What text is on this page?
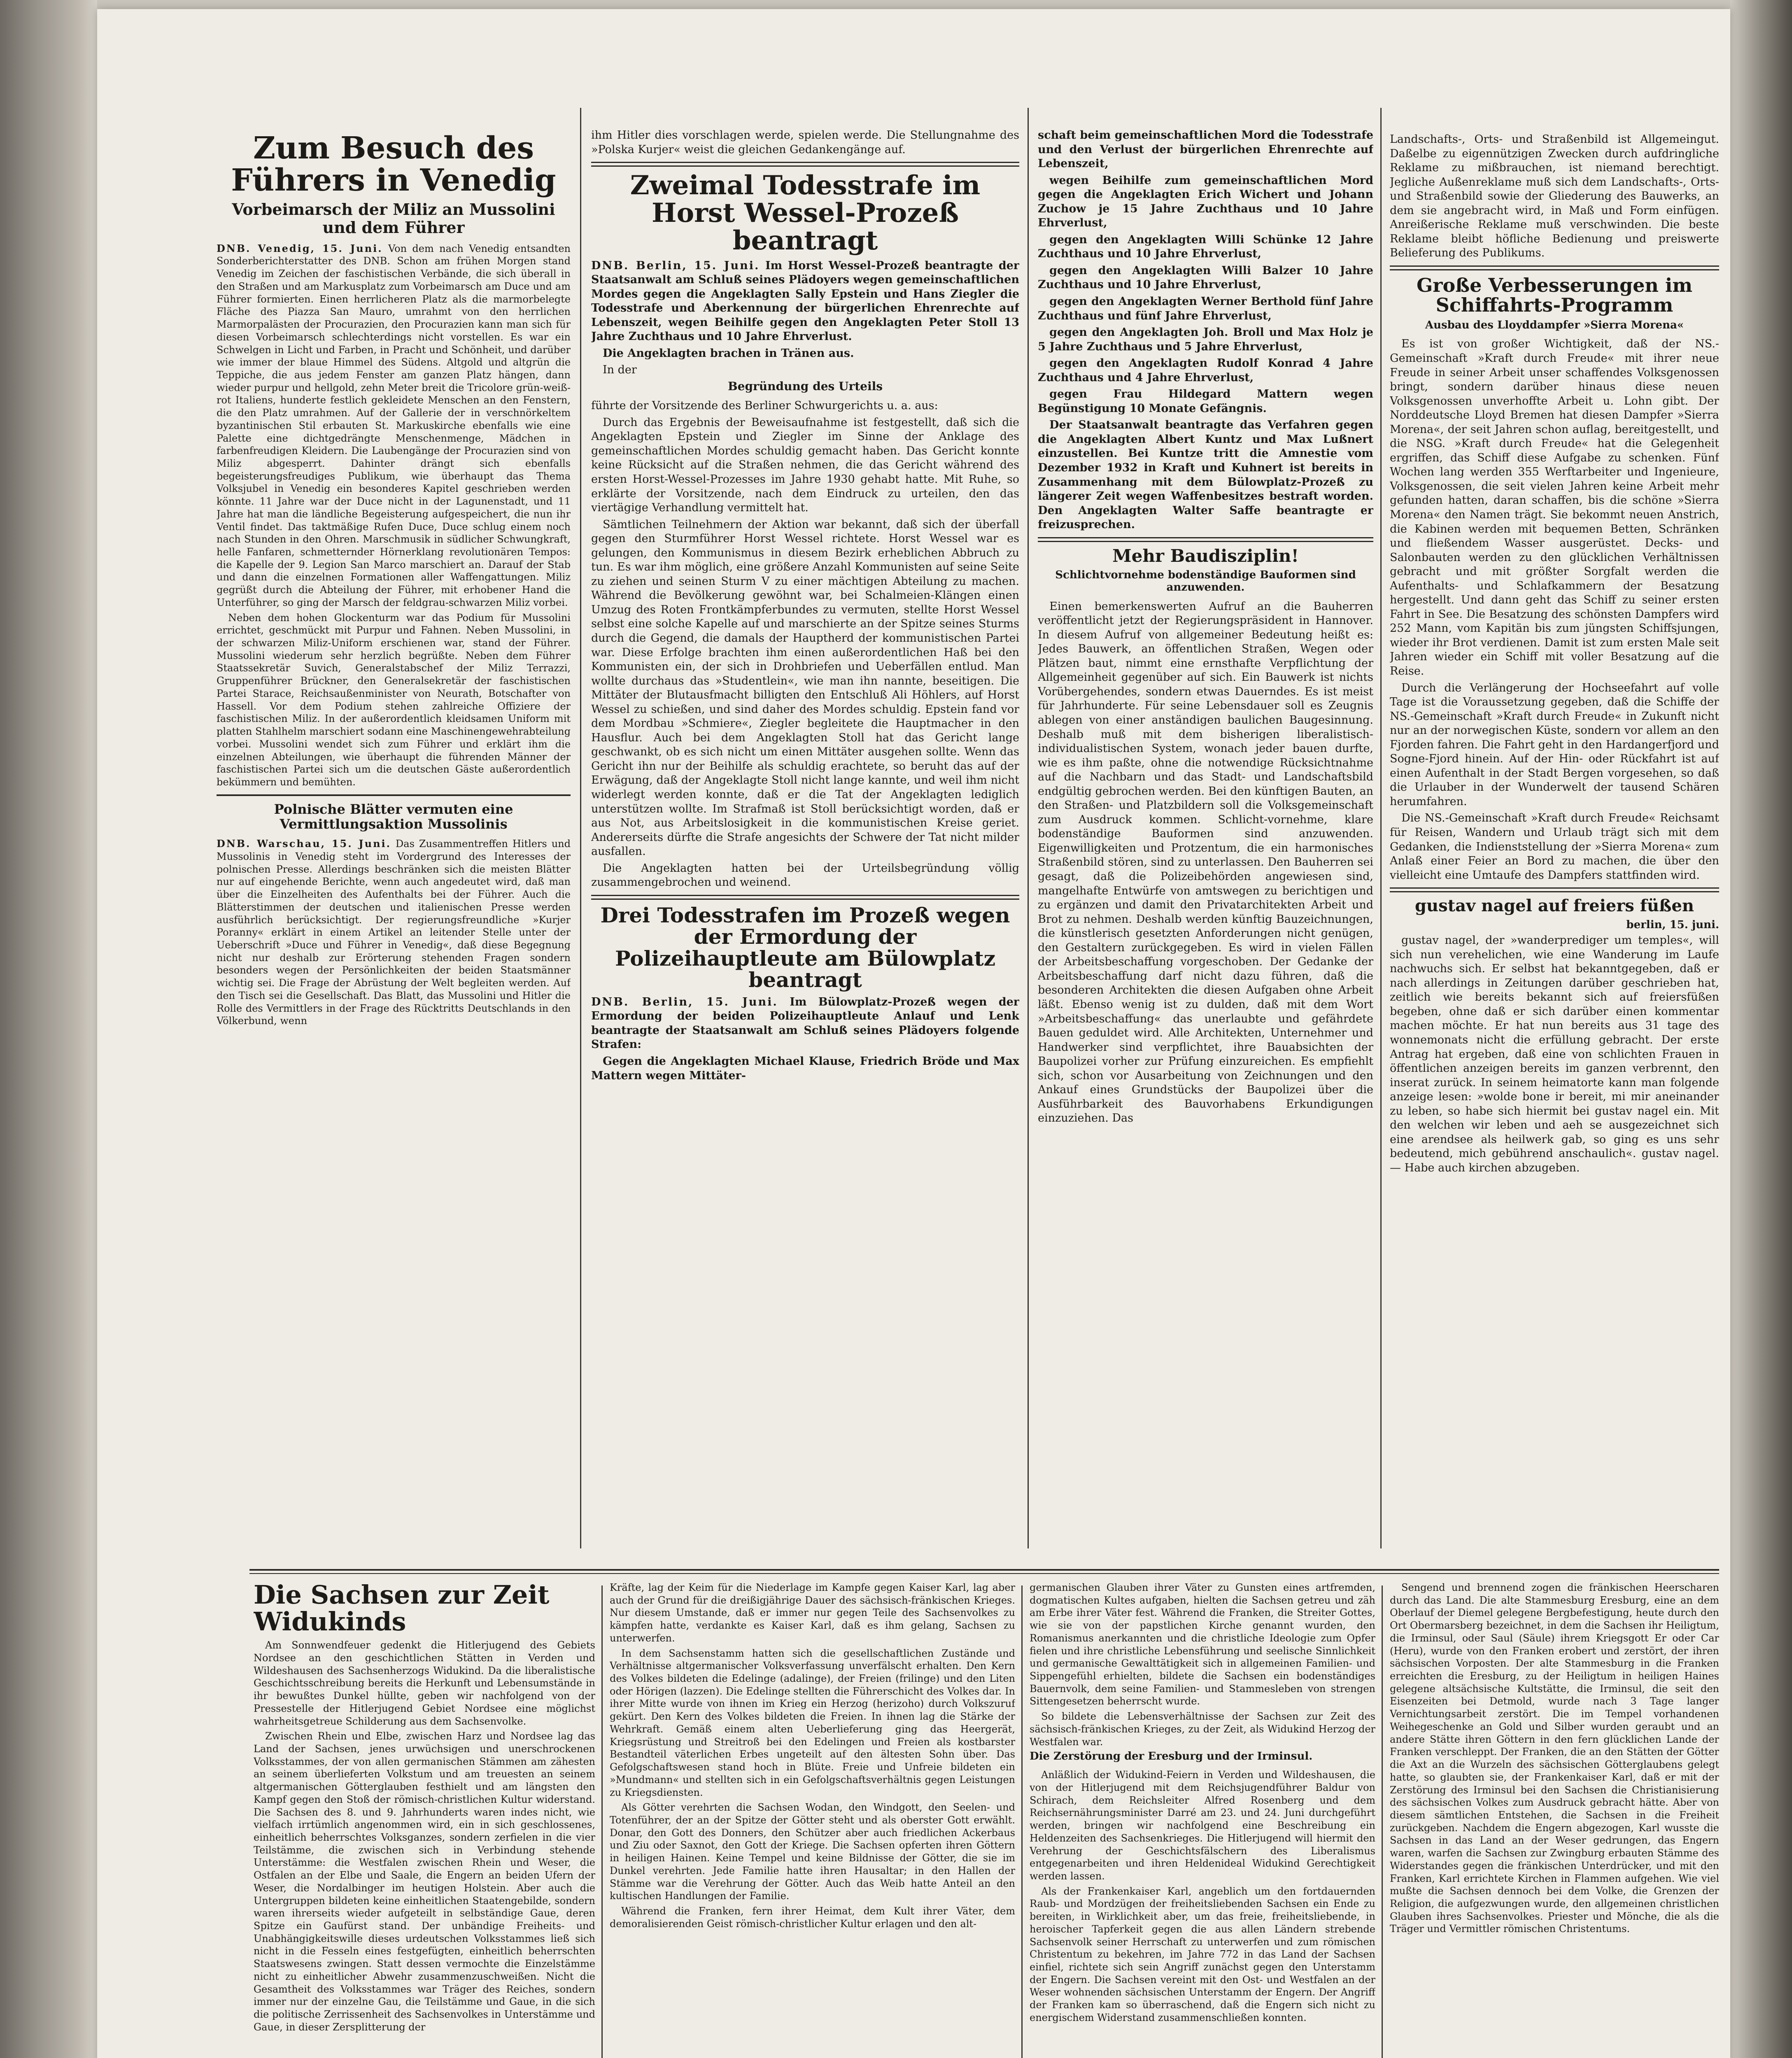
Zum Besuch des Führers in Venedig
Vorbeimarsch der Miliz an Mussolini und dem Führer

DNB. Venedig, 15. Juni. Von dem nach Venedig entsandten Sonderberichterstatter des DNB. Schon am frühen Morgen stand Venedig im Zeichen der faschistischen Verbände, die sich überall in den Straßen und am Markusplatz zum Vorbeimarsch am Duce und am Führer formierten. Einen herrlicheren Platz als die marmorbelegte Fläche des Piazza San Mauro, umrahmt von den herrlichen Marmorpalästen der Procurazien, den Procurazien kann man sich für diesen Vorbeimarsch schlechterdings nicht vorstellen. Es war ein Schwelgen in Licht und Farben, in Pracht und Schönheit, und darüber wie immer der blaue Himmel des Südens. Altgold und altgrün die Teppiche, die aus jedem Fenster am ganzen Platz hängen, dann wieder purpur und hellgold, zehn Meter breit die Tricolore grün-weiß-rot Italiens, hunderte festlich gekleidete Menschen an den Fenstern, die den Platz umrahmen. Auf der Gallerie der in verschnörkeltem byzantinischen Stil erbauten St. Markuskirche ebenfalls wie eine Palette eine dichtgedrängte Menschenmenge, Mädchen in farbenfreudigen Kleidern. Die Laubengänge der Procurazien sind von Miliz abgesperrt. Dahinter drängt sich ebenfalls begeisterungsfreudiges Publikum, wie überhaupt das Thema Volksjubel in Venedig ein besonderes Kapitel geschrieben werden könnte. 11 Jahre war der Duce nicht in der Lagunenstadt, und 11 Jahre hat man die ländliche Begeisterung aufgespeichert, die nun ihr Ventil findet. Das taktmäßige Rufen Duce, Duce schlug einem noch nach Stunden in den Ohren. Marschmusik in südlicher Schwungkraft, helle Fanfaren, schmetternder Hörnerklang revolutionären Tempos: die Kapelle der 9. Legion San Marco marschiert an. Darauf der Stab und dann die einzelnen Formationen aller Waffengattungen. Miliz gegrüßt durch die Abteilung der Führer, mit erhobener Hand die Unterführer, so ging der Marsch der feldgrau-schwarzen Miliz vorbei.

Neben dem hohen Glockenturm war das Podium für Mussolini errichtet, geschmückt mit Purpur und Fahnen. Neben Mussolini, in der schwarzen Miliz-Uniform erschienen war, stand der Führer. Mussolini wiederum sehr herzlich begrüßte. Neben dem Führer Staatssekretär Suvich, Generalstabschef der Miliz Terrazzi, Gruppenführer Brückner, den Generalsekretär der faschistischen Partei Starace, Reichsaußenminister von Neurath, Botschafter von Hassell. Vor dem Podium stehen zahlreiche Offiziere der faschistischen Miliz. In der außerordentlich kleidsamen Uniform mit platten Stahlhelm marschiert sodann eine Maschinengewehrabteilung vorbei. Mussolini wendet sich zum Führer und erklärt ihm die einzelnen Abteilungen, wie überhaupt die führenden Männer der faschistischen Partei sich um die deutschen Gäste außerordentlich bekümmern und bemühten.

Polnische Blätter vermuten eine Vermittlungsaktion Mussolinis

DNB. Warschau, 15. Juni. Das Zusammentreffen Hitlers und Mussolinis in Venedig steht im Vordergrund des Interesses der polnischen Presse. Allerdings beschränken sich die meisten Blätter nur auf eingehende Berichte, wenn auch angedeutet wird, daß man über die Einzelheiten des Aufenthalts bei der Führer. Auch die Blätterstimmen der deutschen und italienischen Presse werden ausführlich berücksichtigt. Der regierungsfreundliche »Kurjer Poranny« erklärt in einem Artikel an leitender Stelle unter der Ueberschrift »Duce und Führer in Venedig«, daß diese Begegnung nicht nur deshalb zur Erörterung stehenden Fragen sondern besonders wegen der Persönlichkeiten der beiden Staatsmänner wichtig sei. Die Frage der Abrüstung der Welt begleiten werden. Auf den Tisch sei die Gesellschaft. Das Blatt, das Mussolini und Hitler die Rolle des Vermittlers in der Frage des Rücktritts Deutschlands in den Völkerbund, wenn

ihm Hitler dies vorschlagen werde, spielen werde. Die Stellungnahme des »Polska Kurjer« weist die gleichen Gedankengänge auf.

Zweimal Todesstrafe im Horst Wessel-Prozeß beantragt

DNB. Berlin, 15. Juni. Im Horst Wessel-Prozeß beantragte der Staatsanwalt am Schluß seines Plädoyers wegen gemeinschaftlichen Mordes gegen die Angeklagten Sally Epstein und Hans Ziegler die Todesstrafe und Aberkennung der bürgerlichen Ehrenrechte auf Lebenszeit, wegen Beihilfe gegen den Angeklagten Peter Stoll 13 Jahre Zuchthaus und 10 Jahre Ehrverlust.

Die Angeklagten brachen in Tränen aus.

In der

Begründung des Urteils

führte der Vorsitzende des Berliner Schwurgerichts u. a. aus:

Durch das Ergebnis der Beweisaufnahme ist festgestellt, daß sich die Angeklagten Epstein und Ziegler im Sinne der Anklage des gemeinschaftlichen Mordes schuldig gemacht haben. Das Gericht konnte keine Rücksicht auf die Straßen nehmen, die das Gericht während des ersten Horst-Wessel-Prozesses im Jahre 1930 gehabt hatte. Mit Ruhe, so erklärte der Vorsitzende, nach dem Eindruck zu urteilen, den das viertägige Verhandlung vermittelt hat.

Sämtlichen Teilnehmern der Aktion war bekannt, daß sich der überfall gegen den Sturmführer Horst Wessel richtete. Horst Wessel war es gelungen, den Kommunismus in diesem Bezirk erheblichen Abbruch zu tun. Es war ihm möglich, eine größere Anzahl Kommunisten auf seine Seite zu ziehen und seinen Sturm V zu einer mächtigen Abteilung zu machen. Während die Bevölkerung gewöhnt war, bei Schalmeien-Klängen einen Umzug des Roten Frontkämpferbundes zu vermuten, stellte Horst Wessel selbst eine solche Kapelle auf und marschierte an der Spitze seines Sturms durch die Gegend, die damals der Hauptherd der kommunistischen Partei war. Diese Erfolge brachten ihm einen außerordentlichen Haß bei den Kommunisten ein, der sich in Drohbriefen und Ueberfällen entlud. Man wollte durchaus das »Studentlein«, wie man ihn nannte, beseitigen. Die Mittäter der Blutausfmacht billigten den Entschluß Ali Höhlers, auf Horst Wessel zu schießen, und sind daher des Mordes schuldig. Epstein fand vor dem Mordbau »Schmiere«, Ziegler begleitete die Hauptmacher in den Hausflur. Auch bei dem Angeklagten Stoll hat das Gericht lange geschwankt, ob es sich nicht um einen Mittäter ausgehen sollte. Wenn das Gericht ihn nur der Beihilfe als schuldig erachtete, so beruht das auf der Erwägung, daß der Angeklagte Stoll nicht lange kannte, und weil ihm nicht widerlegt werden konnte, daß er die Tat der Angeklagten lediglich unterstützen wollte. Im Strafmaß ist Stoll berücksichtigt worden, daß er aus Not, aus Arbeitslosigkeit in die kommunistischen Kreise geriet. Andererseits dürfte die Strafe angesichts der Schwere der Tat nicht milder ausfallen.

Die Angeklagten hatten bei der Urteilsbegründung völlig zusammengebrochen und weinend.

Drei Todesstrafen im Prozeß wegen der Ermordung der Polizeihauptleute am Bülowplatz beantragt

DNB. Berlin, 15. Juni. Im Bülowplatz-Prozeß wegen der Ermordung der beiden Polizeihauptleute Anlauf und Lenk beantragte der Staatsanwalt am Schluß seines Plädoyers folgende Strafen:

Gegen die Angeklagten Michael Klause, Friedrich Bröde und Max Mattern wegen Mittäter-

schaft beim gemeinschaftlichen Mord die Todesstrafe und den Verlust der bürgerlichen Ehrenrechte auf Lebenszeit,

wegen Beihilfe zum gemeinschaftlichen Mord gegen die Angeklagten Erich Wichert und Johann Zuchow je 15 Jahre Zuchthaus und 10 Jahre Ehrverlust,

gegen den Angeklagten Willi Schünke 12 Jahre Zuchthaus und 10 Jahre Ehrverlust,

gegen den Angeklagten Willi Balzer 10 Jahre Zuchthaus und 10 Jahre Ehrverlust,

gegen den Angeklagten Werner Berthold fünf Jahre Zuchthaus und fünf Jahre Ehrverlust,

gegen den Angeklagten Joh. Broll und Max Holz je 5 Jahre Zuchthaus und 5 Jahre Ehrverlust,

gegen den Angeklagten Rudolf Konrad 4 Jahre Zuchthaus und 4 Jahre Ehrverlust,

gegen Frau Hildegard Mattern wegen Begünstigung 10 Monate Gefängnis.

Der Staatsanwalt beantragte das Verfahren gegen die Angeklagten Albert Kuntz und Max Lußnert einzustellen. Bei Kuntze tritt die Amnestie vom Dezember 1932 in Kraft und Kuhnert ist bereits in Zusammenhang mit dem Bülowplatz-Prozeß zu längerer Zeit wegen Waffenbesitzes bestraft worden. Den Angeklagten Walter Saffe beantragte er freizusprechen.

Mehr Baudisziplin!
Schlichtvornehme bodenständige Bauformen sind anzuwenden.

Einen bemerkenswerten Aufruf an die Bauherren veröffentlicht jetzt der Regierungspräsident in Hannover. In diesem Aufruf von allgemeiner Bedeutung heißt es: Jedes Bauwerk, an öffentlichen Straßen, Wegen oder Plätzen baut, nimmt eine ernsthafte Verpflichtung der Allgemeinheit gegenüber auf sich. Ein Bauwerk ist nichts Vorübergehendes, sondern etwas Dauerndes. Es ist meist für Jahrhunderte. Für seine Lebensdauer soll es Zeugnis ablegen von einer anständigen baulichen Baugesinnung. Deshalb muß mit dem bisherigen liberalistisch-individualistischen System, wonach jeder bauen durfte, wie es ihm paßte, ohne die notwendige Rücksichtnahme auf die Nachbarn und das Stadt- und Landschaftsbild endgültig gebrochen werden. Bei den künftigen Bauten, an den Straßen- und Platzbildern soll die Volksgemeinschaft zum Ausdruck kommen. Schlicht-vornehme, klare bodenständige Bauformen sind anzuwenden. Eigenwilligkeiten und Protzentum, die ein harmonisches Straßenbild stören, sind zu unterlassen. Den Bauherren sei gesagt, daß die Polizeibehörden angewiesen sind, mangelhafte Entwürfe von amtswegen zu berichtigen und zu ergänzen und damit den Privatarchitekten Arbeit und Brot zu nehmen. Deshalb werden künftig Bauzeichnungen, die künstlerisch gesetzten Anforderungen nicht genügen, den Gestaltern zurückgegeben. Es wird in vielen Fällen der Arbeitsbeschaffung vorgeschoben. Der Gedanke der Arbeitsbeschaffung darf nicht dazu führen, daß die besonderen Architekten die diesen Aufgaben ohne Arbeit läßt. Ebenso wenig ist zu dulden, daß mit dem Wort »Arbeitsbeschaffung« das unerlaubte und gefährdete Bauen geduldet wird. Alle Architekten, Unternehmer und Handwerker sind verpflichtet, ihre Bauabsichten der Baupolizei vorher zur Prüfung einzureichen. Es empfiehlt sich, schon vor Ausarbeitung von Zeichnungen und den Ankauf eines Grundstücks der Baupolizei über die Ausführbarkeit des Bauvorhabens Erkundigungen einzuziehen. Das

Landschafts-, Orts- und Straßenbild ist Allgemeingut. Daßelbe zu eigennützigen Zwecken durch aufdringliche Reklame zu mißbrauchen, ist niemand berechtigt. Jegliche Außenreklame muß sich dem Landschafts-, Orts- und Straßenbild sowie der Gliederung des Bauwerks, an dem sie angebracht wird, in Maß und Form einfügen. Anreißerische Reklame muß verschwinden. Die beste Reklame bleibt höfliche Bedienung und preiswerte Belieferung des Publikums.

Große Verbesserungen im Schiffahrts-Programm
Ausbau des Lloyddampfer »Sierra Morena«

Es ist von großer Wichtigkeit, daß der NS.-Gemeinschaft »Kraft durch Freude« mit ihrer neue Freude in seiner Arbeit unser schaffendes Volksgenossen bringt, sondern darüber hinaus diese neuen Volksgenossen unverhoffte Arbeit u. Lohn gibt. Der Norddeutsche Lloyd Bremen hat diesen Dampfer »Sierra Morena«, der seit Jahren schon auflag, bereitgestellt, und die NSG. »Kraft durch Freude« hat die Gelegenheit ergriffen, das Schiff diese Aufgabe zu schenken. Fünf Wochen lang werden 355 Werftarbeiter und Ingenieure, Volksgenossen, die seit vielen Jahren keine Arbeit mehr gefunden hatten, daran schaffen, bis die schöne »Sierra Morena« den Namen trägt. Sie bekommt neuen Anstrich, die Kabinen werden mit bequemen Betten, Schränken und fließendem Wasser ausgerüstet. Decks- und Salonbauten werden zu den glücklichen Verhältnissen gebracht und mit größter Sorgfalt werden die Aufenthalts- und Schlafkammern der Besatzung hergestellt. Und dann geht das Schiff zu seiner ersten Fahrt in See. Die Besatzung des schönsten Dampfers wird 252 Mann, vom Kapitän bis zum jüngsten Schiffsjungen, wieder ihr Brot verdienen. Damit ist zum ersten Male seit Jahren wieder ein Schiff mit voller Besatzung auf die Reise.

Durch die Verlängerung der Hochseefahrt auf volle Tage ist die Voraussetzung gegeben, daß die Schiffe der NS.-Gemeinschaft »Kraft durch Freude« in Zukunft nicht nur an der norwegischen Küste, sondern vor allem an den Fjorden fahren. Die Fahrt geht in den Hardangerfjord und Sogne-Fjord hinein. Auf der Hin- oder Rückfahrt ist auf einen Aufenthalt in der Stadt Bergen vorgesehen, so daß die Urlauber in der Wunderwelt der tausend Schären herumfahren.

Die NS.-Gemeinschaft »Kraft durch Freude« Reichsamt für Reisen, Wandern und Urlaub trägt sich mit dem Gedanken, die Indienststellung der »Sierra Morena« zum Anlaß einer Feier an Bord zu machen, die über den vielleicht eine Umtaufe des Dampfers stattfinden wird.

gustav nagel auf freiers füßen
berlin, 15. juni.

gustav nagel, der »wanderprediger um temples«, will sich nun verehelichen, wie eine Wanderung im Laufe nachwuchs sich. Er selbst hat bekanntgegeben, daß er nach allerdings in Zeitungen darüber geschrieben hat, zeitlich wie bereits bekannt sich auf freiersfüßen begeben, ohne daß er sich darüber einen kommentar machen möchte. Er hat nun bereits aus 31 tage des wonnemonats nicht die erfüllung gebracht. Der erste Antrag hat ergeben, daß eine von schlichten Frauen in öffentlichen anzeigen bereits im ganzen verbrennt, den inserat zurück. In seinem heimatorte kann man folgende anzeige lesen: »wolde bone ir bereit, mi mir aneinander zu leben, so habe sich hiermit bei gustav nagel ein. Mit den welchen wir leben und aeh se ausgezeichnet sich eine arendsee als heilwerk gab, so ging es uns sehr bedeutend, mich gebührend anschaulich«. gustav nagel. — Habe auch kirchen abzugeben.

Die Sachsen zur Zeit Widukinds

Am Sonnwendfeuer gedenkt die Hitlerjugend des Gebiets Nordsee an den geschichtlichen Stätten in Verden und Wildeshausen des Sachsenherzogs Widukind. Da die liberalistische Geschichtsschreibung bereits die Herkunft und Lebensumstände in ihr bewußtes Dunkel hüllte, geben wir nachfolgend von der Pressestelle der Hitlerjugend Gebiet Nordsee eine möglichst wahrheitsgetreue Schilderung aus dem Sachsenvolke.

Zwischen Rhein und Elbe, zwischen Harz und Nordsee lag das Land der Sachsen, jenes urwüchsigen und unerschrockenen Volksstammes, der von allen germanischen Stämmen am zähesten an seinem überlieferten Volkstum und am treuesten an seinem altgermanischen Götterglauben festhielt und am längsten den Kampf gegen den Stoß der römisch-christlichen Kultur widerstand. Die Sachsen des 8. und 9. Jahrhunderts waren indes nicht, wie vielfach irrtümlich angenommen wird, ein in sich geschlossenes, einheitlich beherrschtes Volksganzes, sondern zerfielen in die vier Teilstämme, die zwischen sich in Verbindung stehende Unterstämme: die Westfalen zwischen Rhein und Weser, die Ostfalen an der Elbe und Saale, die Engern an beiden Ufern der Weser, die Nordalbinger im heutigen Holstein. Aber auch die Untergruppen bildeten keine einheitlichen Staatengebilde, sondern waren ihrerseits wieder aufgeteilt in selbständige Gaue, deren Spitze ein Gaufürst stand. Der unbändige Freiheits- und Unabhängigkeitswille dieses urdeutschen Volksstammes ließ sich nicht in die Fesseln eines festgefügten, einheitlich beherrschten Staatswesens zwingen. Statt dessen vermochte die Einzelstämme nicht zu einheitlicher Abwehr zusammenzuschweißen. Nicht die Gesamtheit des Volksstammes war Träger des Reiches, sondern immer nur der einzelne Gau, die Teilstämme und Gaue, in die sich die politische Zerrissenheit des Sachsenvolkes in Unterstämme und Gaue, in dieser Zersplitterung der

Kräfte, lag der Keim für die Niederlage im Kampfe gegen Kaiser Karl, lag aber auch der Grund für die dreißigjährige Dauer des sächsisch-fränkischen Krieges. Nur diesem Umstande, daß er immer nur gegen Teile des Sachsenvolkes zu kämpfen hatte, verdankte es Kaiser Karl, daß es ihm gelang, Sachsen zu unterwerfen.

In dem Sachsenstamm hatten sich die gesellschaftlichen Zustände und Verhältnisse altgermanischer Volksverfassung unverfälscht erhalten. Den Kern des Volkes bildeten die Edelinge (adalinge), der Freien (frilinge) und den Liten oder Hörigen (lazzen). Die Edelinge stellten die Führerschicht des Volkes dar. In ihrer Mitte wurde von ihnen im Krieg ein Herzog (herizoho) durch Volkszuruf gekürt. Den Kern des Volkes bildeten die Freien. In ihnen lag die Stärke der Wehrkraft. Gemäß einem alten Ueberlieferung ging das Heergerät, Kriegsrüstung und Streitroß bei den Edelingen und Freien als kostbarster Bestandteil väterlichen Erbes ungeteilt auf den ältesten Sohn über. Das Gefolgschaftswesen stand hoch in Blüte. Freie und Unfreie bildeten ein »Mundmann« und stellten sich in ein Gefolgschaftsverhältnis gegen Leistungen zu Kriegsdiensten.

Als Götter verehrten die Sachsen Wodan, den Windgott, den Seelen- und Totenführer, der an der Spitze der Götter steht und als oberster Gott erwählt. Donar, den Gott des Donners, den Schützer aber auch friedlichen Ackerbaus und Ziu oder Saxnot, den Gott der Kriege. Die Sachsen opferten ihren Göttern in heiligen Hainen. Keine Tempel und keine Bildnisse der Götter, die sie im Dunkel verehrten. Jede Familie hatte ihren Hausaltar; in den Hallen der Stämme war die Verehrung der Götter. Auch das Weib hatte Anteil an den kultischen Handlungen der Familie.

Während die Franken, fern ihrer Heimat, dem Kult ihrer Väter, dem demoralisierenden Geist römisch-christlicher Kultur erlagen und den alt-

germanischen Glauben ihrer Väter zu Gunsten eines artfremden, dogmatischen Kultes aufgaben, hielten die Sachsen getreu und zäh am Erbe ihrer Väter fest. Während die Franken, die Streiter Gottes, wie sie von der papstlichen Kirche genannt wurden, den Romanismus anerkannten und die christliche Ideologie zum Opfer fielen und ihre christliche Lebensführung und seelische Sinnlichkeit und germanische Gewalttätigkeit sich in allgemeinen Familien- und Sippengefühl erhielten, bildete die Sachsen ein bodenständiges Bauernvolk, dem seine Familien- und Stammesleben von strengen Sittengesetzen beherrscht wurde.

So bildete die Lebensverhältnisse der Sachsen zur Zeit des sächsisch-fränkischen Krieges, zu der Zeit, als Widukind Herzog der Westfalen war.

Die Zerstörung der Eresburg und der Irminsul.

Anläßlich der Widukind-Feiern in Verden und Wildeshausen, die von der Hitlerjugend mit dem Reichsjugendführer Baldur von Schirach, dem Reichsleiter Alfred Rosenberg und dem Reichsernährungsminister Darré am 23. und 24. Juni durchgeführt werden, bringen wir nachfolgend eine Beschreibung ein Heldenzeiten des Sachsenkrieges. Die Hitlerjugend will hiermit den Verehrung der Geschichtsfälschern des Liberalismus entgegenarbeiten und ihren Heldenideal Widukind Gerechtigkeit werden lassen.

Als der Frankenkaiser Karl, angeblich um den fortdauernden Raub- und Mordzügen der freiheitsliebenden Sachsen ein Ende zu bereiten, in Wirklichkeit aber, um das freie, freiheitsliebende, in heroischer Tapferkeit gegen die aus allen Ländern strebende Sachsenvolk seiner Herrschaft zu unterwerfen und zum römischen Christentum zu bekehren, im Jahre 772 in das Land der Sachsen einfiel, richtete sich sein Angriff zunächst gegen den Unterstamm der Engern. Die Sachsen vereint mit den Ost- und Westfalen an der Weser wohnenden sächsischen Unterstamm der Engern. Der Angriff der Franken kam so überraschend, daß die Engern sich nicht zu energischem Widerstand zusammenschließen konnten.

Sengend und brennend zogen die fränkischen Heerscharen durch das Land. Die alte Stammesburg Eresburg, eine an dem Oberlauf der Diemel gelegene Bergbefestigung, heute durch den Ort Obermarsberg bezeichnet, in dem die Sachsen ihr Heiligtum, die Irminsul, oder Saul (Säule) ihrem Kriegsgott Er oder Car (Heru), wurde von den Franken erobert und zerstört, der ihren sächsischen Vorposten. Der alte Stammesburg in die Franken erreichten die Eresburg, zu der Heiligtum in heiligen Haines gelegene altsächsische Kultstätte, die Irminsul, die seit den Eisenzeiten bei Detmold, wurde nach 3 Tage langer Vernichtungsarbeit zerstört. Die im Tempel vorhandenen Weihegeschenke an Gold und Silber wurden geraubt und an andere Stätte ihren Göttern in den fern glücklichen Lande der Franken verschleppt. Der Franken, die an den Stätten der Götter die Axt an die Wurzeln des sächsischen Götterglaubens gelegt hatte, so glaubten sie, der Frankenkaiser Karl, daß er mit der Zerstörung des Irminsul bei den Sachsen die Christianisierung des sächsischen Volkes zum Ausdruck gebracht hätte. Aber von diesem sämtlichen Entstehen, die Sachsen in die Freiheit zurückgeben. Nachdem die Engern abgezogen, Karl wusste die Sachsen in das Land an der Weser gedrungen, das Engern waren, warfen die Sachsen zur Zwingburg erbauten Stämme des Widerstandes gegen die fränkischen Unterdrücker, und mit den Franken, Karl errichtete Kirchen in Flammen aufgehen. Wie viel mußte die Sachsen dennoch bei dem Volke, die Grenzen der Religion, die aufgezwungen wurde, den allgemeinen christlichen Glauben ihres Sachsenvolkes. Priester und Mönche, die als die Träger und Vermittler römischen Christentums.
